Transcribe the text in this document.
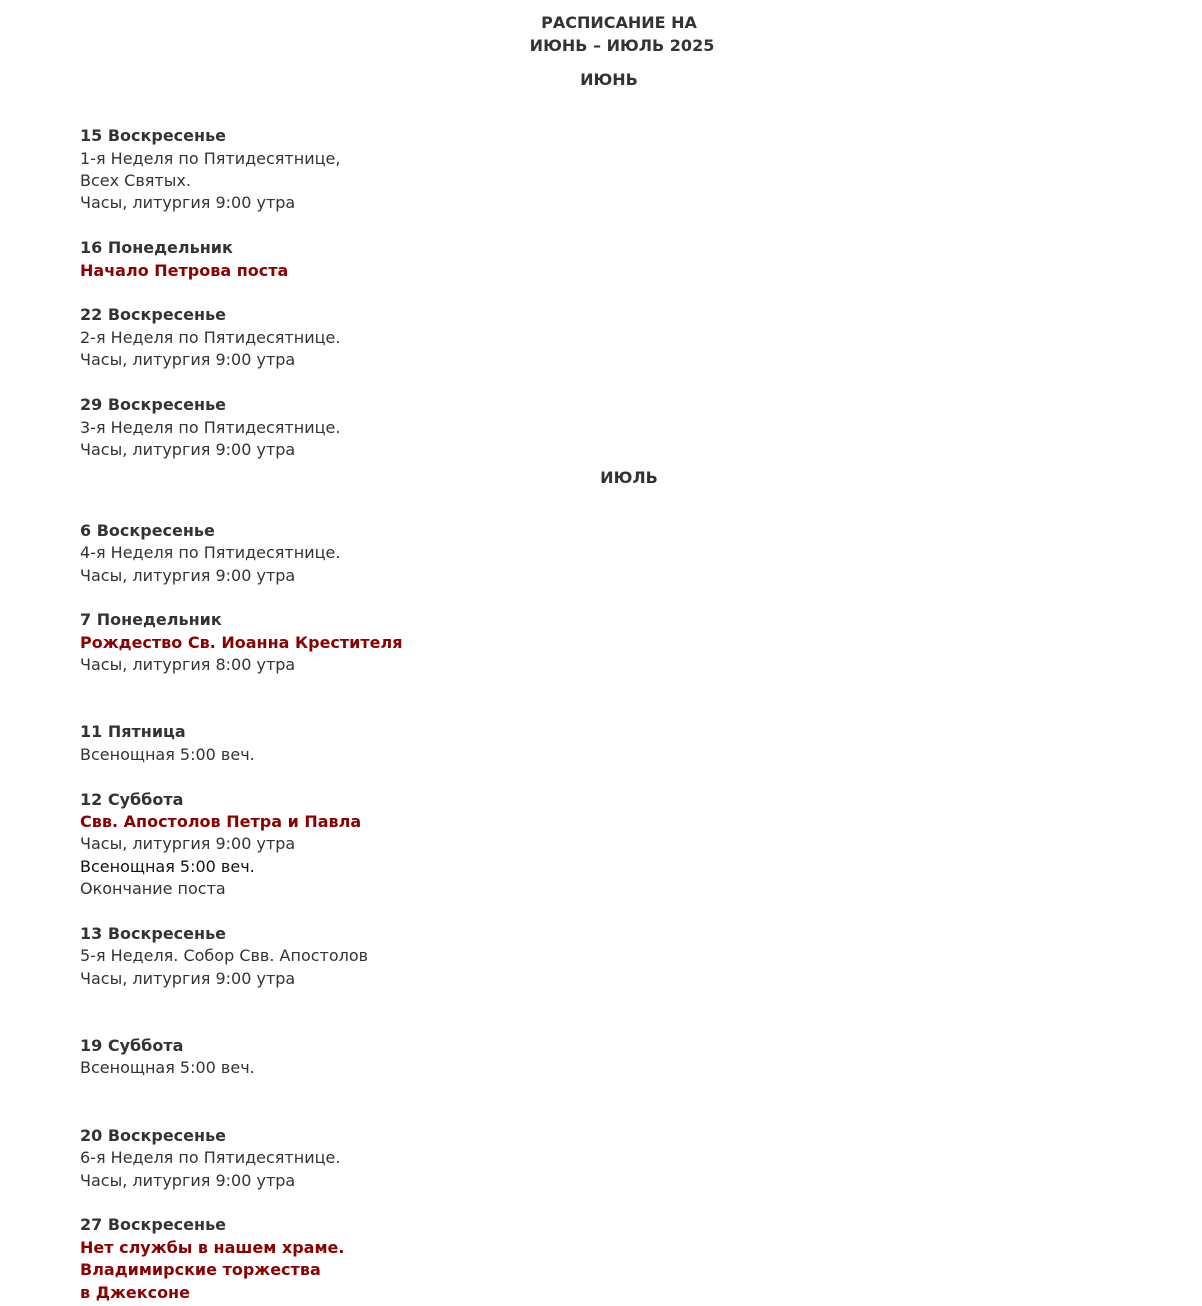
РАСПИСАНИЕ НА
ИЮНЬ – ИЮЛЬ 2025
ИЮНЬ
15 Воскресенье
1-я Неделя по Пятидесятнице,
Всех Святых.
Часы, литургия 9:00 утра
16 Понедельник
Начало Петрова поста
22 Воскресенье
2-я Неделя по Пятидесятнице.
Часы, литургия 9:00 утра
29 Воскресенье
3-я Неделя по Пятидесятнице.
Часы, литургия 9:00 утра
ИЮЛЬ
6 Воскресенье
4-я Неделя по Пятидесятнице.
Часы, литургия 9:00 утра
7 Понедельник
Рождество Св. Иоанна Крестителя
Часы, литургия 8:00 утра
11 Пятница
Всенощная 5:00 веч.
12 Суббота
Свв. Апостолов Петра и Павла
Часы, литургия 9:00 утра
Всенощная 5:00 веч.
Окончание поста
13 Воскресенье
5-я Неделя. Собор Свв. Апостолов
Часы, литургия 9:00 утра
19 Суббота
Всенощная 5:00 веч.
20 Воскресенье
6-я Неделя по Пятидесятнице.
Часы, литургия 9:00 утра
27 Воскресенье
Нет службы в нашем храме.
Владимирские торжества
в Джексоне
